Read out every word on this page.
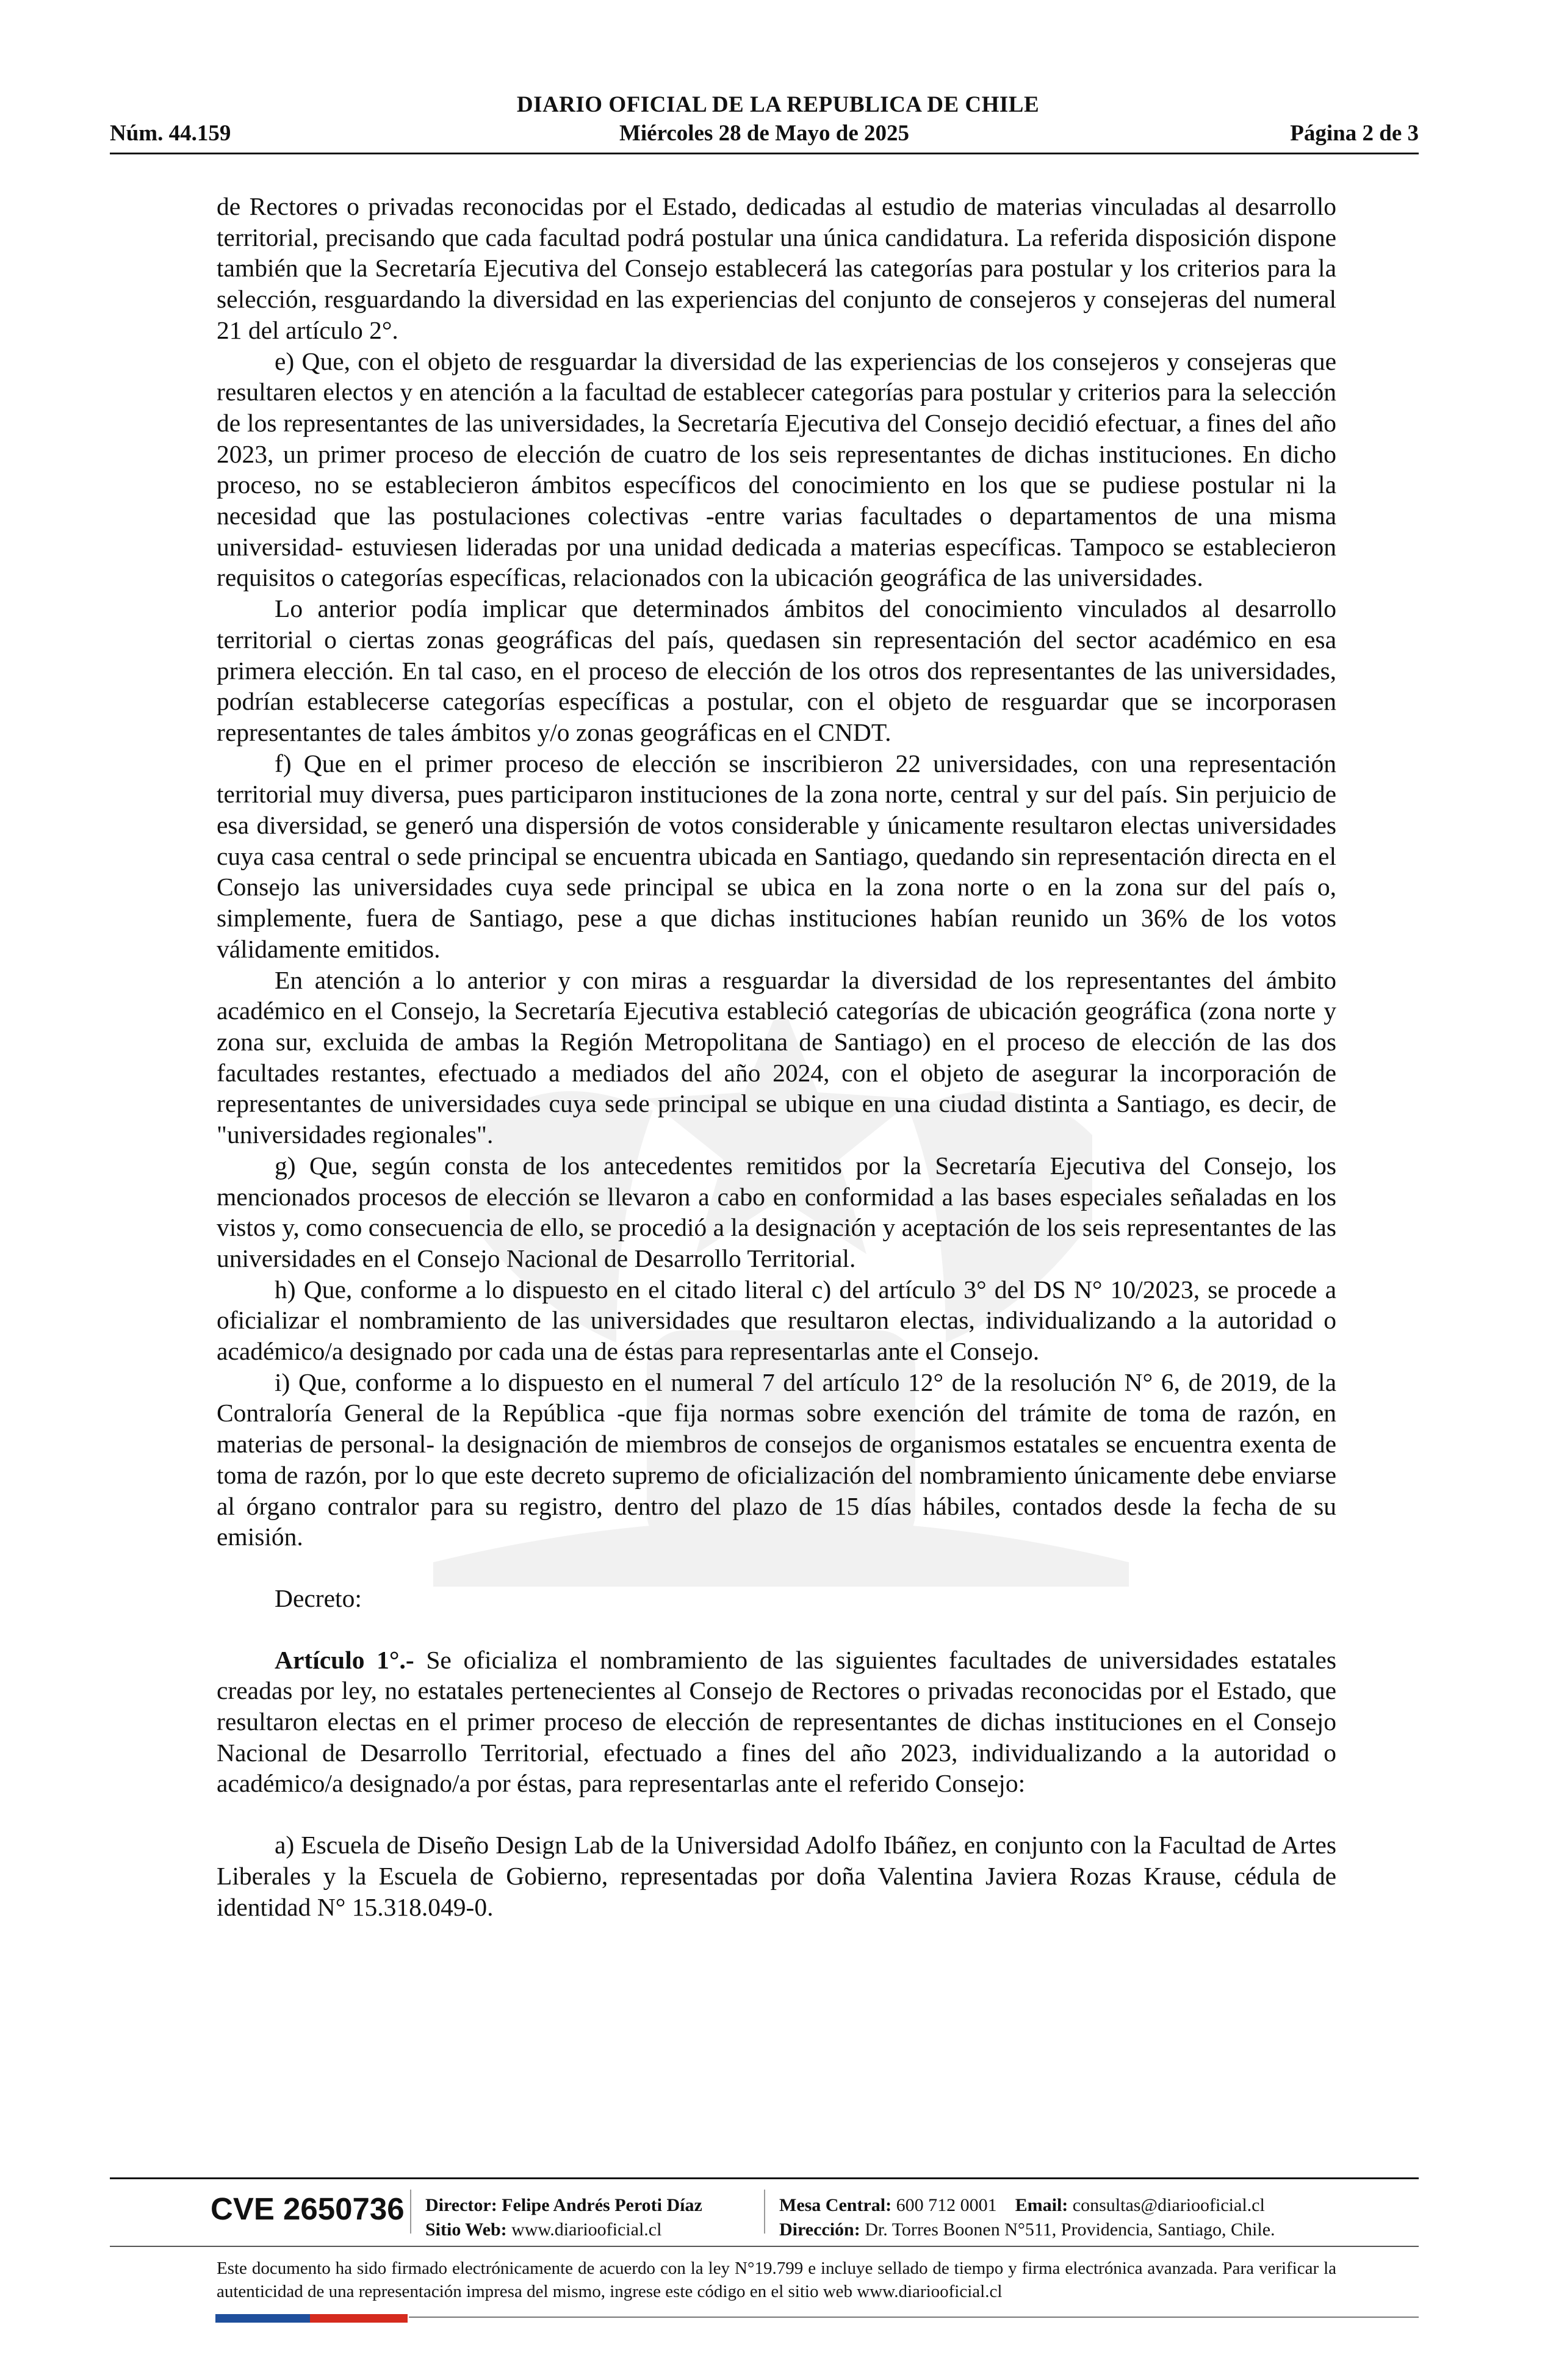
DIARIO OFICIAL DE LA REPUBLICA DE CHILE
Miércoles 28 de Mayo de 2025
Núm. 44.159	Página 2 de 3

de Rectores o privadas reconocidas por el Estado, dedicadas al estudio de materias vinculadas al desarrollo territorial, precisando que cada facultad podrá postular una única candidatura. La referida disposición dispone también que la Secretaría Ejecutiva del Consejo establecerá las categorías para postular y los criterios para la selección, resguardando la diversidad en las experiencias del conjunto de consejeros y consejeras del numeral 21 del artículo 2°.

e) Que, con el objeto de resguardar la diversidad de las experiencias de los consejeros y consejeras que resultaren electos y en atención a la facultad de establecer categorías para postular y criterios para la selección de los representantes de las universidades, la Secretaría Ejecutiva del Consejo decidió efectuar, a fines del año 2023, un primer proceso de elección de cuatro de los seis representantes de dichas instituciones. En dicho proceso, no se establecieron ámbitos específicos del conocimiento en los que se pudiese postular ni la necesidad que las postulaciones colectivas -entre varias facultades o departamentos de una misma universidad- estuviesen lideradas por una unidad dedicada a materias específicas. Tampoco se establecieron requisitos o categorías específicas, relacionados con la ubicación geográfica de las universidades.

Lo anterior podía implicar que determinados ámbitos del conocimiento vinculados al desarrollo territorial o ciertas zonas geográficas del país, quedasen sin representación del sector académico en esa primera elección. En tal caso, en el proceso de elección de los otros dos representantes de las universidades, podrían establecerse categorías específicas a postular, con el objeto de resguardar que se incorporasen representantes de tales ámbitos y/o zonas geográficas en el CNDT.

f) Que en el primer proceso de elección se inscribieron 22 universidades, con una representación territorial muy diversa, pues participaron instituciones de la zona norte, central y sur del país. Sin perjuicio de esa diversidad, se generó una dispersión de votos considerable y únicamente resultaron electas universidades cuya casa central o sede principal se encuentra ubicada en Santiago, quedando sin representación directa en el Consejo las universidades cuya sede principal se ubica en la zona norte o en la zona sur del país o, simplemente, fuera de Santiago, pese a que dichas instituciones habían reunido un 36% de los votos válidamente emitidos.

En atención a lo anterior y con miras a resguardar la diversidad de los representantes del ámbito académico en el Consejo, la Secretaría Ejecutiva estableció categorías de ubicación geográfica (zona norte y zona sur, excluida de ambas la Región Metropolitana de Santiago) en el proceso de elección de las dos facultades restantes, efectuado a mediados del año 2024, con el objeto de asegurar la incorporación de representantes de universidades cuya sede principal se ubique en una ciudad distinta a Santiago, es decir, de "universidades regionales".

g) Que, según consta de los antecedentes remitidos por la Secretaría Ejecutiva del Consejo, los mencionados procesos de elección se llevaron a cabo en conformidad a las bases especiales señaladas en los vistos y, como consecuencia de ello, se procedió a la designación y aceptación de los seis representantes de las universidades en el Consejo Nacional de Desarrollo Territorial.

h) Que, conforme a lo dispuesto en el citado literal c) del artículo 3° del DS N° 10/2023, se procede a oficializar el nombramiento de las universidades que resultaron electas, individualizando a la autoridad o académico/a designado por cada una de éstas para representarlas ante el Consejo.

i) Que, conforme a lo dispuesto en el numeral 7 del artículo 12° de la resolución N° 6, de 2019, de la Contraloría General de la República -que fija normas sobre exención del trámite de toma de razón, en materias de personal- la designación de miembros de consejos de organismos estatales se encuentra exenta de toma de razón, por lo que este decreto supremo de oficialización del nombramiento únicamente debe enviarse al órgano contralor para su registro, dentro del plazo de 15 días hábiles, contados desde la fecha de su emisión.

Decreto:

Artículo 1°.- Se oficializa el nombramiento de las siguientes facultades de universidades estatales creadas por ley, no estatales pertenecientes al Consejo de Rectores o privadas reconocidas por el Estado, que resultaron electas en el primer proceso de elección de representantes de dichas instituciones en el Consejo Nacional de Desarrollo Territorial, efectuado a fines del año 2023, individualizando a la autoridad o académico/a designado/a por éstas, para representarlas ante el referido Consejo:

a) Escuela de Diseño Design Lab de la Universidad Adolfo Ibáñez, en conjunto con la Facultad de Artes Liberales y la Escuela de Gobierno, representadas por doña Valentina Javiera Rozas Krause, cédula de identidad N° 15.318.049-0.

CVE 2650736 Director: Felipe Andrés Peroti Díaz
Sitio Web: www.diariooficial.cl
Mesa Central: 600 712 0001 Email: consultas@diariooficial.cl
Dirección: Dr. Torres Boonen N°511, Providencia, Santiago, Chile.
Este documento ha sido firmado electrónicamente de acuerdo con la ley N°19.799 e incluye sellado de tiempo y firma electrónica avanzada. Para verificar la autenticidad de una representación impresa del mismo, ingrese este código en el sitio web www.diariooficial.cl
